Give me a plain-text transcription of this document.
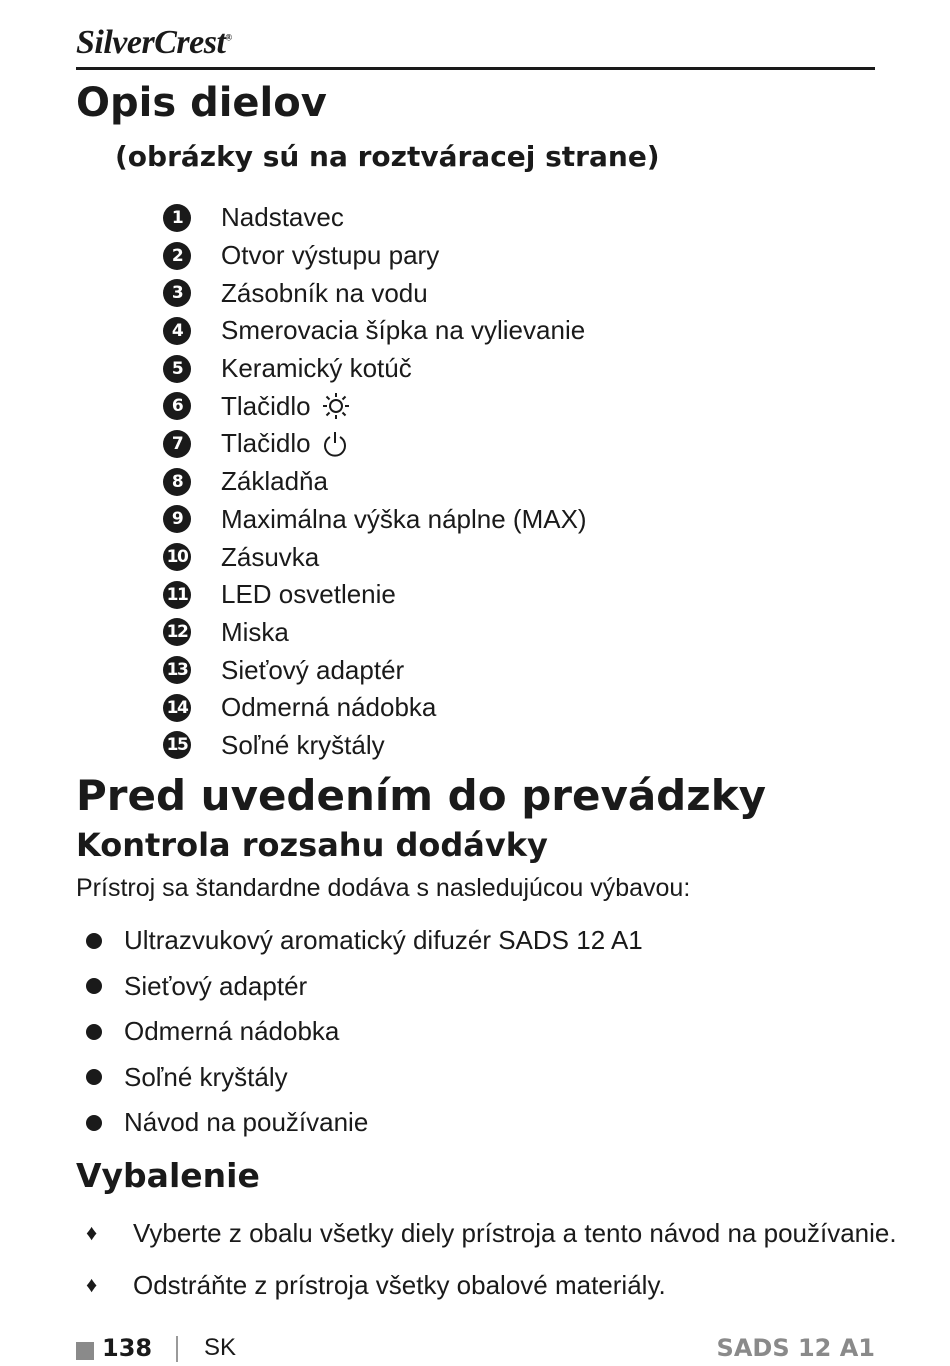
SilverCrest®
Opis dielov
(obrázky sú na roztváracej strane)
1	Nadstavec
2	Otvor výstupu pary
3	Zásobník na vodu
4	Smerovacia šípka na vylievanie
5	Keramický kotúč
6	Tlačidlo
7	Tlačidlo
8	Základňa
9	Maximálna výška náplne (MAX)
10 Zásuvka
11 LED osvetlenie
12 Miska
13 Sieťový adaptér
14 Odmerná nádobka
15 Soľné kryštály
Pred uvedením do prevádzky
Kontrola rozsahu dodávky

Prístroj sa štandardne dodáva s nasledujúcou výbavou:

Ultrazvukový aromatický difuzér SADS 12 A1
Sieťový adaptér
Odmerná nádobka
Soľné kryštály
Návod na používanie
Vybalenie
♦	Vyberte z obalu všetky diely prístroja a tento návod na používanie.
♦	Odstráňte z prístroja všetky obalové materiály.
138 SK	SADS 12 A1
